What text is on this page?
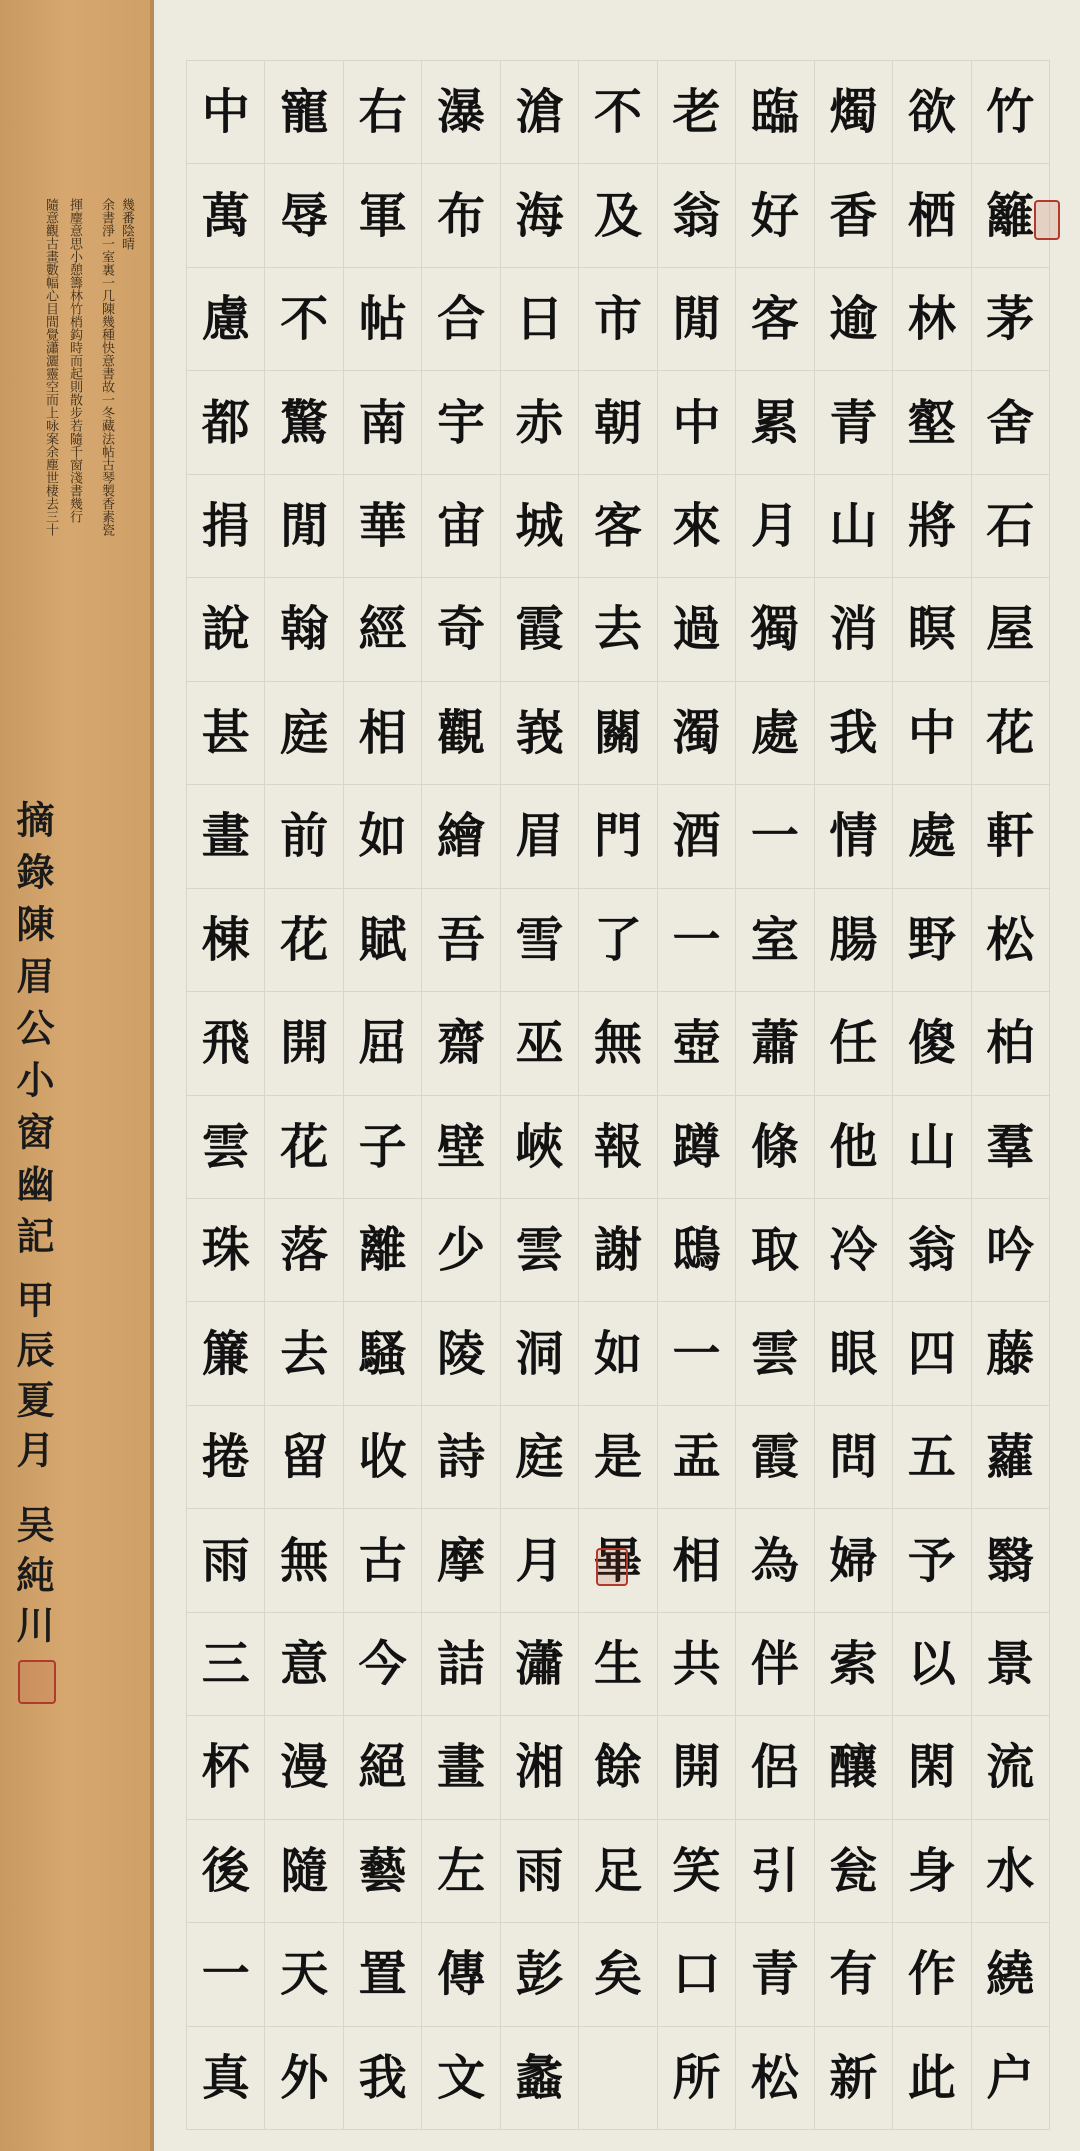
竹
籬
茅
舍
石
屋
花
軒
松
柏
羣
吟
藤
蘿
翳
景
流
水
繞
户
欲
栖
林
壑
將
瞑
中
處
野
傻
山
翁
四
五
予
以
閑
身
作
此
燭
香
逾
青
山
消
我
情
腸
任
他
冷
眼
問
婦
索
釀
瓮
有
新
臨
好
客
累
月
獨
處
一
室
蕭
條
取
雲
霞
為
伴
侶
引
青
松
老
翁
閒
中
來
過
濁
酒
一
壺
蹲
鴟
一
盂
相
共
開
笑
口
所
不
及
市
朝
客
去
關
門
了
無
報
謝
如
是
畢
生
餘
足
矣
滄
海
日
赤
城
霞
峩
眉
雪
巫
峽
雲
洞
庭
月
瀟
湘
雨
彭
蠡
瀑
布
合
宇
宙
奇
觀
繪
吾
齋
壁
少
陵
詩
摩
詰
畫
左
傳
文
右
軍
帖
南
華
經
相
如
賦
屈
子
離
騷
收
古
今
絕
藝
置
我
寵
辱
不
驚
閒
翰
庭
前
花
開
花
落
去
留
無
意
漫
隨
天
外
中
萬
慮
都
捐
說
甚
畫
棟
飛
雲
珠
簾
捲
雨
三
杯
後
一
真
摘錄陳眉公小窗幽記
甲辰夏月 吴純川
幾番陰晴
余書淨一室裏一几陳幾種快意書故一冬藏法帖古琴製香素瓷
揮麈意思小憩籌林竹梢鈎時而起則散步若隨千窗淺書幾行
隨意觀古畫數幅心目間覺瀟灑靈空而上咏案余塵世棲去三十
